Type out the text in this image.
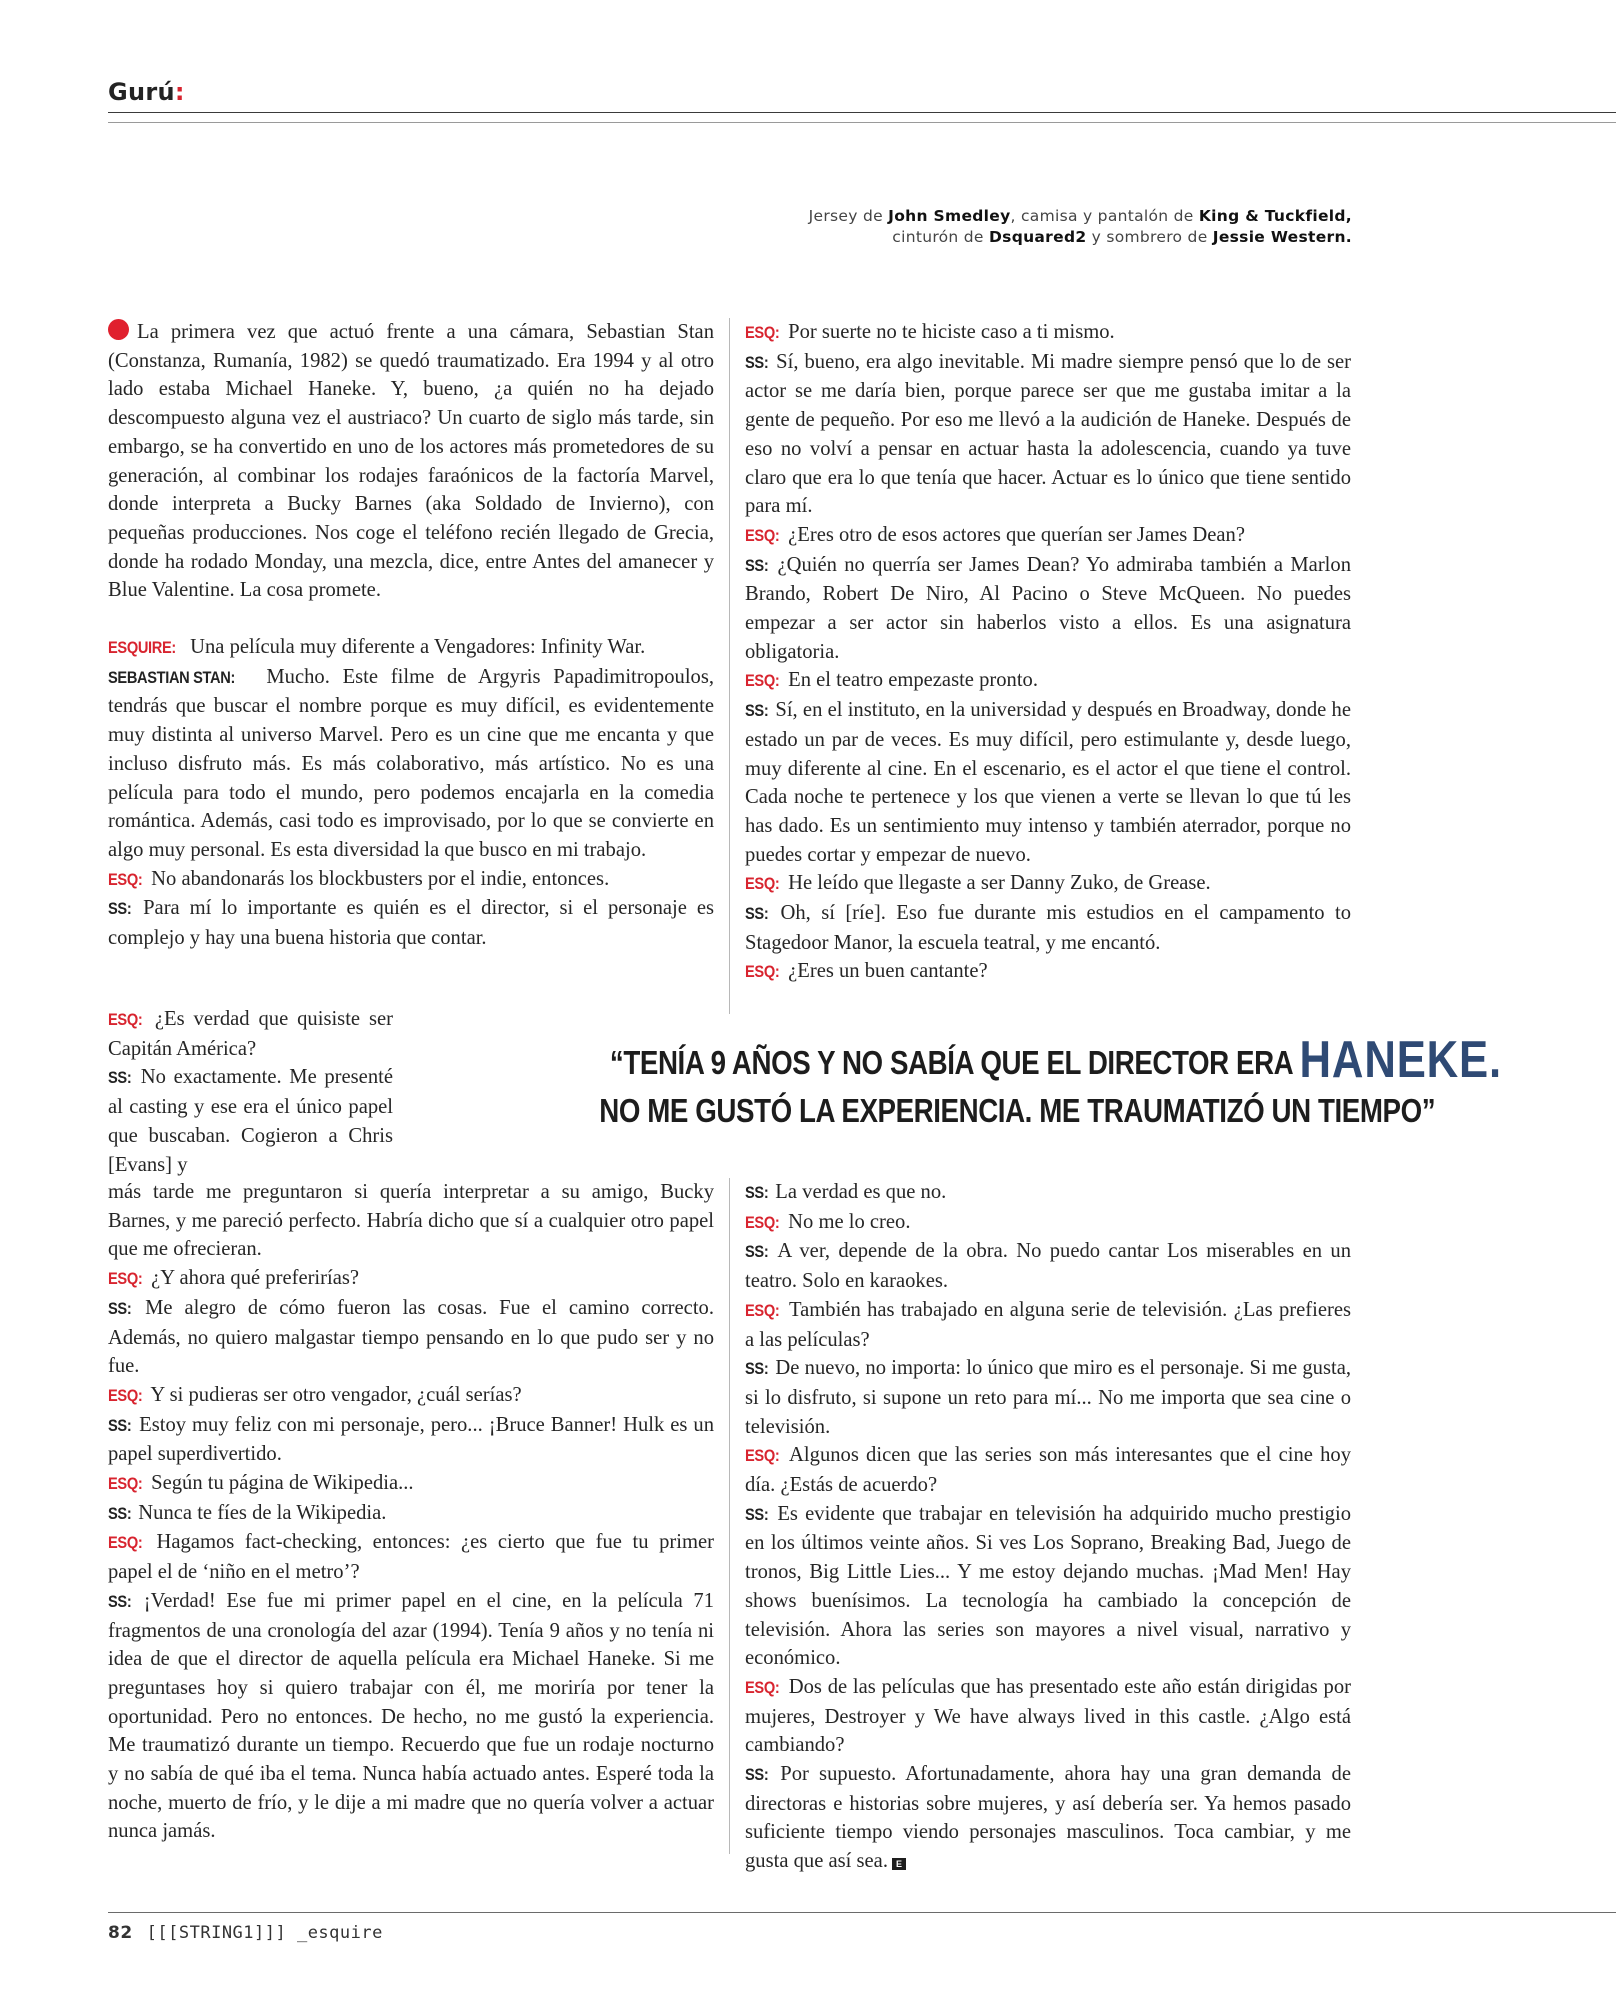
Gurú:
Jersey de John Smedley, camisa y pantalón de King & Tuckfield,
cinturón de Dsquared2 y sombrero de Jessie Western.

La primera vez que actuó frente a una cámara, Sebastian Stan (Constanza, Rumanía, 1982) se quedó traumatizado. Era 1994 y al otro lado estaba Michael Haneke. Y, bueno, ¿a quién no ha dejado descompuesto alguna vez el austriaco? Un cuarto de siglo más tarde, sin embargo, se ha convertido en uno de los actores más prometedores de su generación, al combinar los rodajes faraónicos de la factoría Marvel, donde interpreta a Bucky Barnes (aka Soldado de Invierno), con pequeñas producciones. Nos coge el teléfono recién llegado de Grecia, donde ha rodado Monday, una mezcla, dice, entre Antes del amanecer y Blue Valentine. La cosa promete.

ESQUIRE: Una película muy diferente a Vengadores: Infinity War.

SEBASTIAN STAN: Mucho. Este filme de Argyris Papadimitropoulos, tendrás que buscar el nombre porque es muy difícil, es evidentemente muy distinta al universo Marvel. Pero es un cine que me encanta y que incluso disfruto más. Es más colaborativo, más artístico. No es una película para todo el mundo, pero podemos encajarla en la comedia romántica. Además, casi todo es improvisado, por lo que se convierte en algo muy personal. Es esta diversidad la que busco en mi trabajo.

ESQ: No abandonarás los blockbusters por el indie, entonces.

SS: Para mí lo importante es quién es el director, si el personaje es complejo y hay una buena historia que contar.

ESQ: ¿Es verdad que quisiste ser Capitán América?

SS: No exactamente. Me presenté al casting y ese era el único papel que buscaban. Cogieron a Chris [Evans] y

más tarde me preguntaron si quería interpretar a su amigo, Bucky Barnes, y me pareció perfecto. Habría dicho que sí a cualquier otro papel que me ofrecieran.

ESQ: ¿Y ahora qué preferirías?

SS: Me alegro de cómo fueron las cosas. Fue el camino correcto. Además, no quiero malgastar tiempo pensando en lo que pudo ser y no fue.

ESQ: Y si pudieras ser otro vengador, ¿cuál serías?

SS: Estoy muy feliz con mi personaje, pero... ¡Bruce Banner! Hulk es un papel superdivertido.

ESQ: Según tu página de Wikipedia...

SS: Nunca te fíes de la Wikipedia.

ESQ: Hagamos fact-checking, entonces: ¿es cierto que fue tu primer papel el de ‘niño en el metro’?

SS: ¡Verdad! Ese fue mi primer papel en el cine, en la película 71 fragmentos de una cronología del azar (1994). Tenía 9 años y no tenía ni idea de que el director de aquella película era Michael Haneke. Si me preguntases hoy si quiero trabajar con él, me moriría por tener la oportunidad. Pero no entonces. De hecho, no me gustó la experiencia. Me traumatizó durante un tiempo. Recuerdo que fue un rodaje nocturno y no sabía de qué iba el tema. Nunca había actuado antes. Esperé toda la noche, muerto de frío, y le dije a mi madre que no quería volver a actuar nunca jamás.

ESQ: Por suerte no te hiciste caso a ti mismo.

SS: Sí, bueno, era algo inevitable. Mi madre siempre pensó que lo de ser actor se me daría bien, porque parece ser que me gustaba imitar a la gente de pequeño. Por eso me llevó a la audición de Haneke. Después de eso no volví a pensar en actuar hasta la adolescencia, cuando ya tuve claro que era lo que tenía que hacer. Actuar es lo único que tiene sentido para mí.

ESQ: ¿Eres otro de esos actores que querían ser James Dean?

SS: ¿Quién no querría ser James Dean? Yo admiraba también a Marlon Brando, Robert De Niro, Al Pacino o Steve McQueen. No puedes empezar a ser actor sin haberlos visto a ellos. Es una asignatura obligatoria.

ESQ: En el teatro empezaste pronto.

SS: Sí, en el instituto, en la universidad y después en Broadway, donde he estado un par de veces. Es muy difícil, pero estimulante y, desde luego, muy diferente al cine. En el escenario, es el actor el que tiene el control. Cada noche te pertenece y los que vienen a verte se llevan lo que tú les has dado. Es un sentimiento muy intenso y también aterrador, porque no puedes cortar y empezar de nuevo.

ESQ: He leído que llegaste a ser Danny Zuko, de Grease.

SS: Oh, sí [ríe]. Eso fue durante mis estudios en el campamento to Stagedoor Manor, la escuela teatral, y me encantó.

ESQ: ¿Eres un buen cantante?

SS: La verdad es que no.

ESQ: No me lo creo.

SS: A ver, depende de la obra. No puedo cantar Los miserables en un teatro. Solo en karaokes.

ESQ: También has trabajado en alguna serie de televisión. ¿Las prefieres a las películas?

SS: De nuevo, no importa: lo único que miro es el personaje. Si me gusta, si lo disfruto, si supone un reto para mí... No me importa que sea cine o televisión.

ESQ: Algunos dicen que las series son más interesantes que el cine hoy día. ¿Estás de acuerdo?

SS: Es evidente que trabajar en televisión ha adquirido mucho prestigio en los últimos veinte años. Si ves Los Soprano, Breaking Bad, Juego de tronos, Big Little Lies... Y me estoy dejando muchas. ¡Mad Men! Hay shows buenísimos. La tecnología ha cambiado la concepción de televisión. Ahora las series son mayores a nivel visual, narrativo y económico.

ESQ: Dos de las películas que has presentado este año están dirigidas por mujeres, Destroyer y We have always lived in this castle. ¿Algo está cambiando?

SS: Por supuesto. Afortunadamente, ahora hay una gran demanda de directoras e historias sobre mujeres, y así debería ser. Ya hemos pasado suficiente tiempo viendo personajes masculinos. Toca cambiar, y me gusta que así sea. E

“TENÍA 9 AÑOS Y NO SABÍA QUE EL DIRECTOR ERA HANEKE.
NO ME GUSTÓ LA EXPERIENCIA. ME TRAUMATIZÓ UN TIEMPO”
82 [[[STRING1]]] _esquire
